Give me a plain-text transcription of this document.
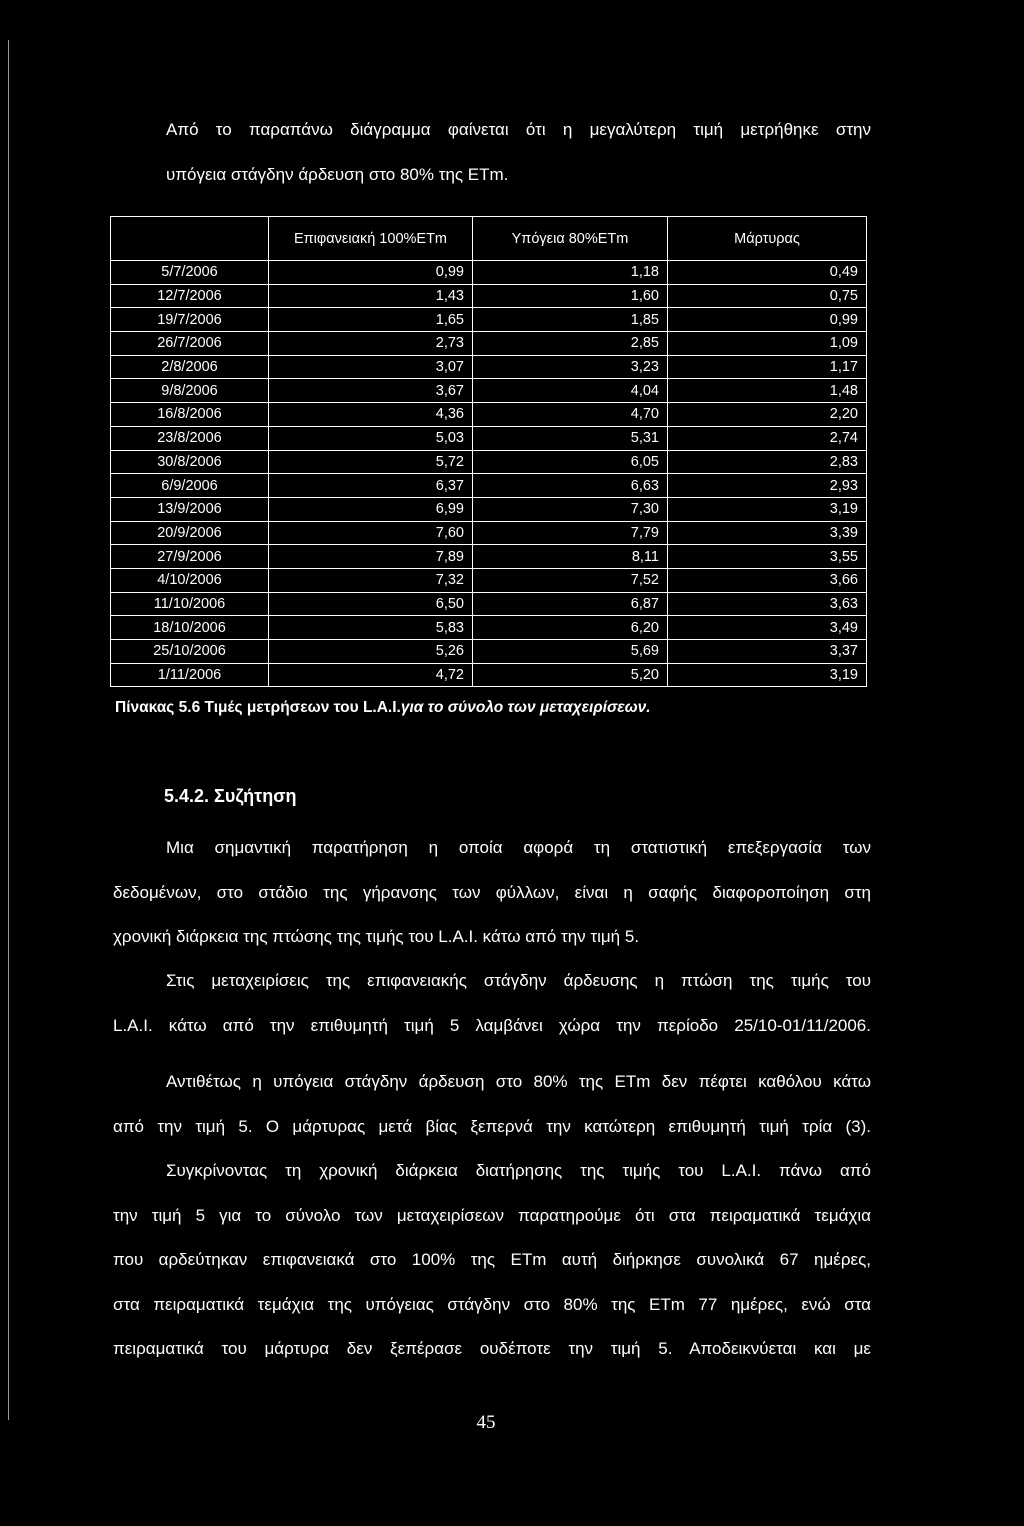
Από το παραπάνω διάγραμμα φαίνεται ότι η μεγαλύτερη τιμή μετρήθηκε στην
υπόγεια στάγδην άρδευση στο 80% της ETm.

	Επιφανειακή 100%ETm	Υπόγεια 80%ETm	Μάρτυρας
5/7/2006	0,99	1,18	0,49
12/7/2006	1,43	1,60	0,75
19/7/2006	1,65	1,85	0,99
26/7/2006	2,73	2,85	1,09
2/8/2006	3,07	3,23	1,17
9/8/2006	3,67	4,04	1,48
16/8/2006	4,36	4,70	2,20
23/8/2006	5,03	5,31	2,74
30/8/2006	5,72	6,05	2,83
6/9/2006	6,37	6,63	2,93
13/9/2006	6,99	7,30	3,19
20/9/2006	7,60	7,79	3,39
27/9/2006	7,89	8,11	3,55
4/10/2006	7,32	7,52	3,66
11/10/2006	6,50	6,87	3,63
18/10/2006	5,83	6,20	3,49
25/10/2006	5,26	5,69	3,37
1/11/2006	4,72	5,20	3,19
Πίνακας 5.6 Τιμές μετρήσεων του L.A.I.για το σύνολο των μεταχειρίσεων.
5.4.2. Συζήτηση

Μια σημαντική παρατήρηση η οποία αφορά τη στατιστική επεξεργασία των
δεδομένων, στο στάδιο της γήρανσης των φύλλων, είναι η σαφής διαφοροποίηση στη
χρονική διάρκεια της πτώσης της τιμής του L.A.I. κάτω από την τιμή 5.

Στις μεταχειρίσεις της επιφανειακής στάγδην άρδευσης η πτώση της τιμής του
L.A.I. κάτω από την επιθυμητή τιμή 5 λαμβάνει χώρα την περίοδο 25/10-01/11/2006.

Αντιθέτως η υπόγεια στάγδην άρδευση στο 80% της ETm δεν πέφτει καθόλου κάτω
από την τιμή 5. Ο μάρτυρας μετά βίας ξεπερνά την κατώτερη επιθυμητή τιμή τρία (3).

Συγκρίνοντας τη χρονική διάρκεια διατήρησης της τιμής του L.A.I. πάνω από
την τιμή 5 για το σύνολο των μεταχειρίσεων παρατηρούμε ότι στα πειραματικά τεμάχια
που αρδεύτηκαν επιφανειακά στο 100% της ETm αυτή διήρκησε συνολικά 67 ημέρες,
στα πειραματικά τεμάχια της υπόγειας στάγδην στο 80% της ETm 77 ημέρες, ενώ στα
πειραματικά του μάρτυρα δεν ξεπέρασε ουδέποτε την τιμή 5. Αποδεικνύεται και με

45
